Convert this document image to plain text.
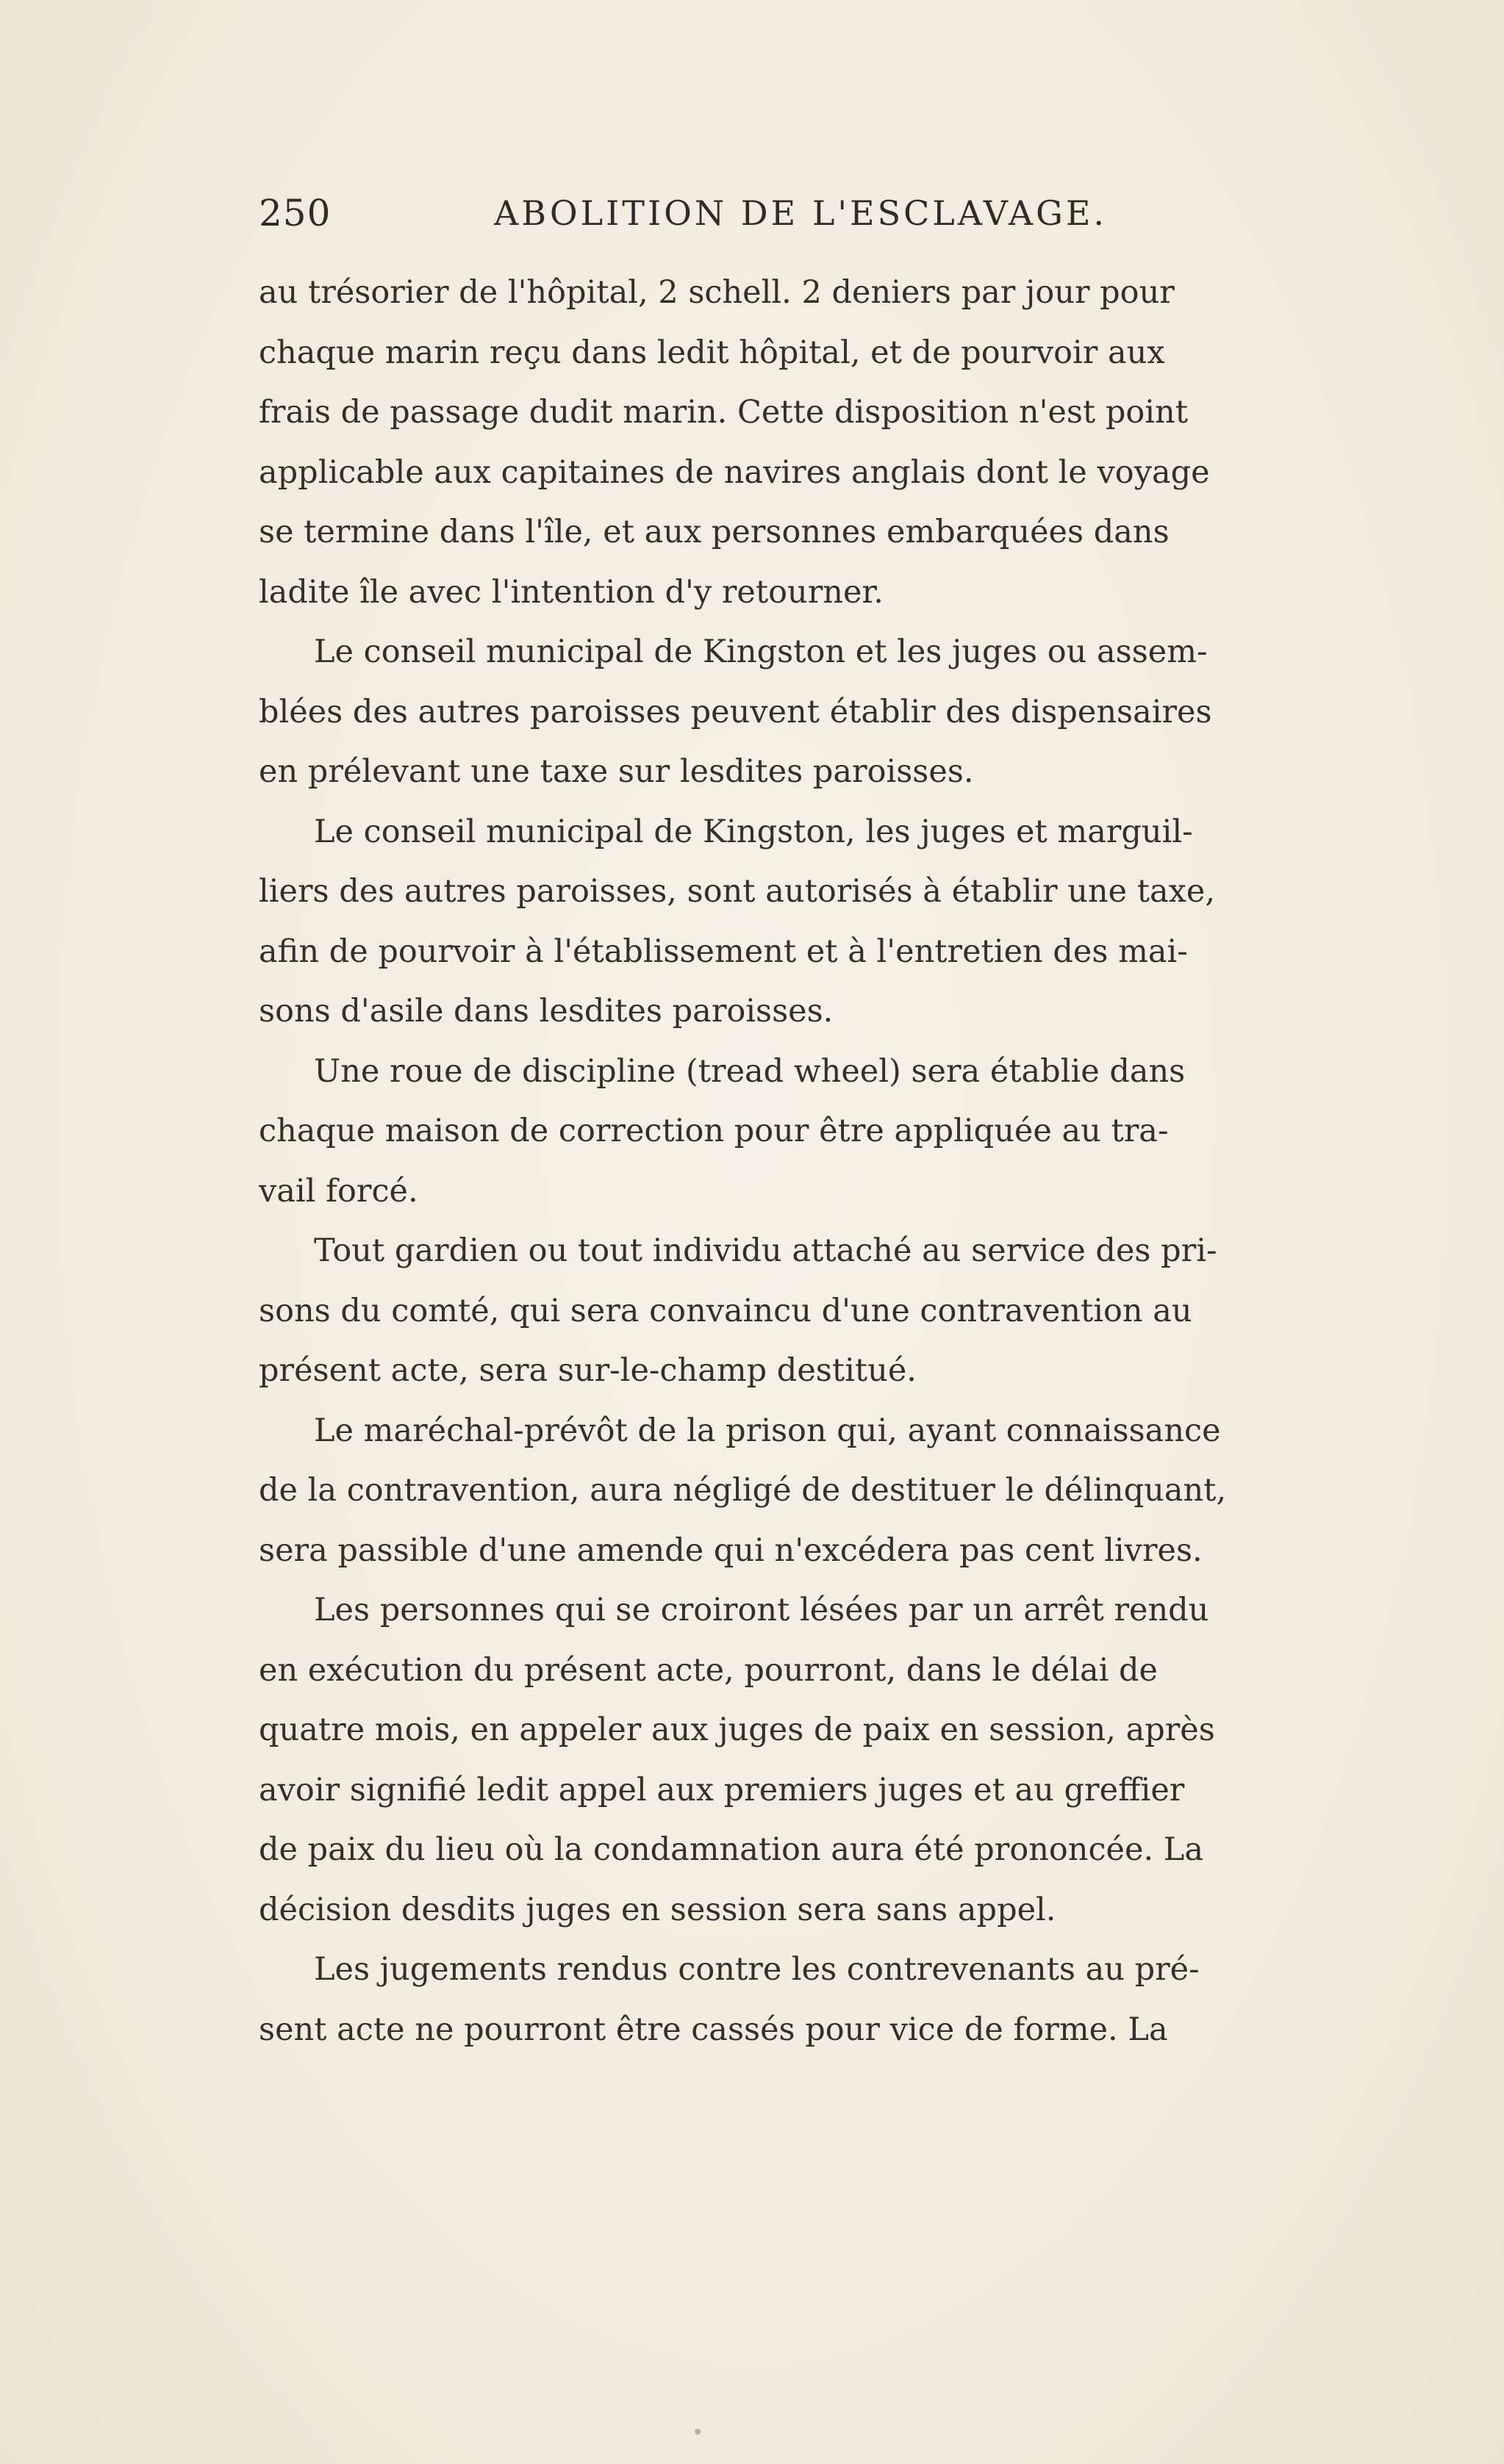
250	ABOLITION DE L'ESCLAVAGE.
au trésorier de l'hôpital, 2 schell. 2 deniers par jour pour
chaque marin reçu dans ledit hôpital, et de pourvoir aux
frais de passage dudit marin. Cette disposition n'est point
applicable aux capitaines de navires anglais dont le voyage
se termine dans l'île, et aux personnes embarquées dans
ladite île avec l'intention d'y retourner.
Le conseil municipal de Kingston et les juges ou assem-
blées des autres paroisses peuvent établir des dispensaires
en prélevant une taxe sur lesdites paroisses.
Le conseil municipal de Kingston, les juges et marguil-
liers des autres paroisses, sont autorisés à établir une taxe,
afin de pourvoir à l'établissement et à l'entretien des mai-
sons d'asile dans lesdites paroisses.
Une roue de discipline (tread wheel) sera établie dans
chaque maison de correction pour être appliquée au tra-
vail forcé.
Tout gardien ou tout individu attaché au service des pri-
sons du comté, qui sera convaincu d'une contravention au
présent acte, sera sur-le-champ destitué.
Le maréchal-prévôt de la prison qui, ayant connaissance
de la contravention, aura négligé de destituer le délinquant,
sera passible d'une amende qui n'excédera pas cent livres.
Les personnes qui se croiront lésées par un arrêt rendu
en exécution du présent acte, pourront, dans le délai de
quatre mois, en appeler aux juges de paix en session, après
avoir signifié ledit appel aux premiers juges et au greffier
de paix du lieu où la condamnation aura été prononcée. La
décision desdits juges en session sera sans appel.
Les jugements rendus contre les contrevenants au pré-
sent acte ne pourront être cassés pour vice de forme. La
